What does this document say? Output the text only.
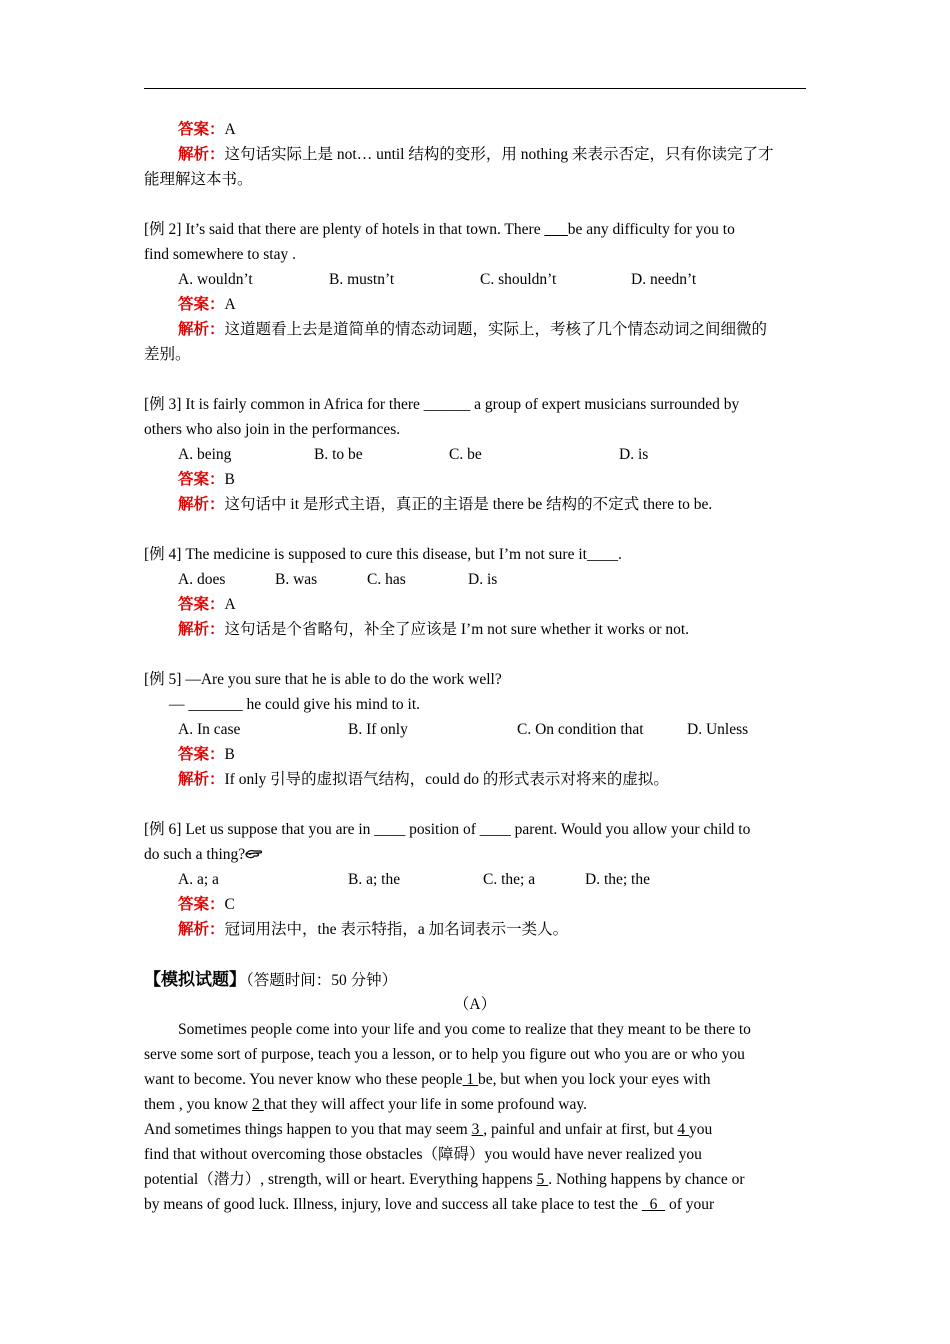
答案：A
解析：这句话实际上是 not… until 结构的变形，用 nothing 来表示否定，只有你读完了才
能理解这本书。
[例 2] It’s said that there are plenty of hotels in that town. There ___be any difficulty for you to
find somewhere to stay .
A. wouldn’t	B. mustn’t	C. shouldn’t	D. needn’t
答案：A
解析：这道题看上去是道简单的情态动词题，实际上，考核了几个情态动词之间细微的
差别。
[例 3] It is fairly common in Africa for there ______ a group of expert musicians surrounded by
others who also join in the performances.
A. being	B. to be	C. be	D. is
答案：B
解析：这句话中 it 是形式主语，真正的主语是 there be 结构的不定式 there to be.
[例 4] The medicine is supposed to cure this disease, but I’m not sure it____.
A. does	B. was	C. has	D. is
答案：A
解析：这句话是个省略句，补全了应该是 I’m not sure whether it works or not.
[例 5] —Are you sure that he is able to do the work well?
— _______ he could give his mind to it.
A. In case	B. If only	C. On condition that	D. Unless
答案：B
解析：If only 引导的虚拟语气结构，could do 的形式表示对将来的虚拟。
[例 6] Let us suppose that you are in ____ position of ____ parent. Would you allow your child to
do such a thing?
A. a; a	B. a; the	C. the; a	D. the; the
答案：C
解析：冠词用法中，the 表示特指，a 加名词表示一类人。
【模拟试题】（答题时间：50 分钟）
（A）
Sometimes people come into your life and you come to realize that they meant to be there to
serve some sort of purpose, teach you a lesson, or to help you figure out who you are or who you
want to become. You never know who these people 1 be, but when you lock your eyes with
them , you know 2 that they will affect your life in some profound way.
And sometimes things happen to you that may seem 3 , painful and unfair at first, but 4 you
find that without overcoming those obstacles（障碍）you would have never realized you
potential（潜力）, strength, will or heart. Everything happens 5 . Nothing happens by chance or
by means of good luck. Illness, injury, love and success all take place to test the   6   of your
